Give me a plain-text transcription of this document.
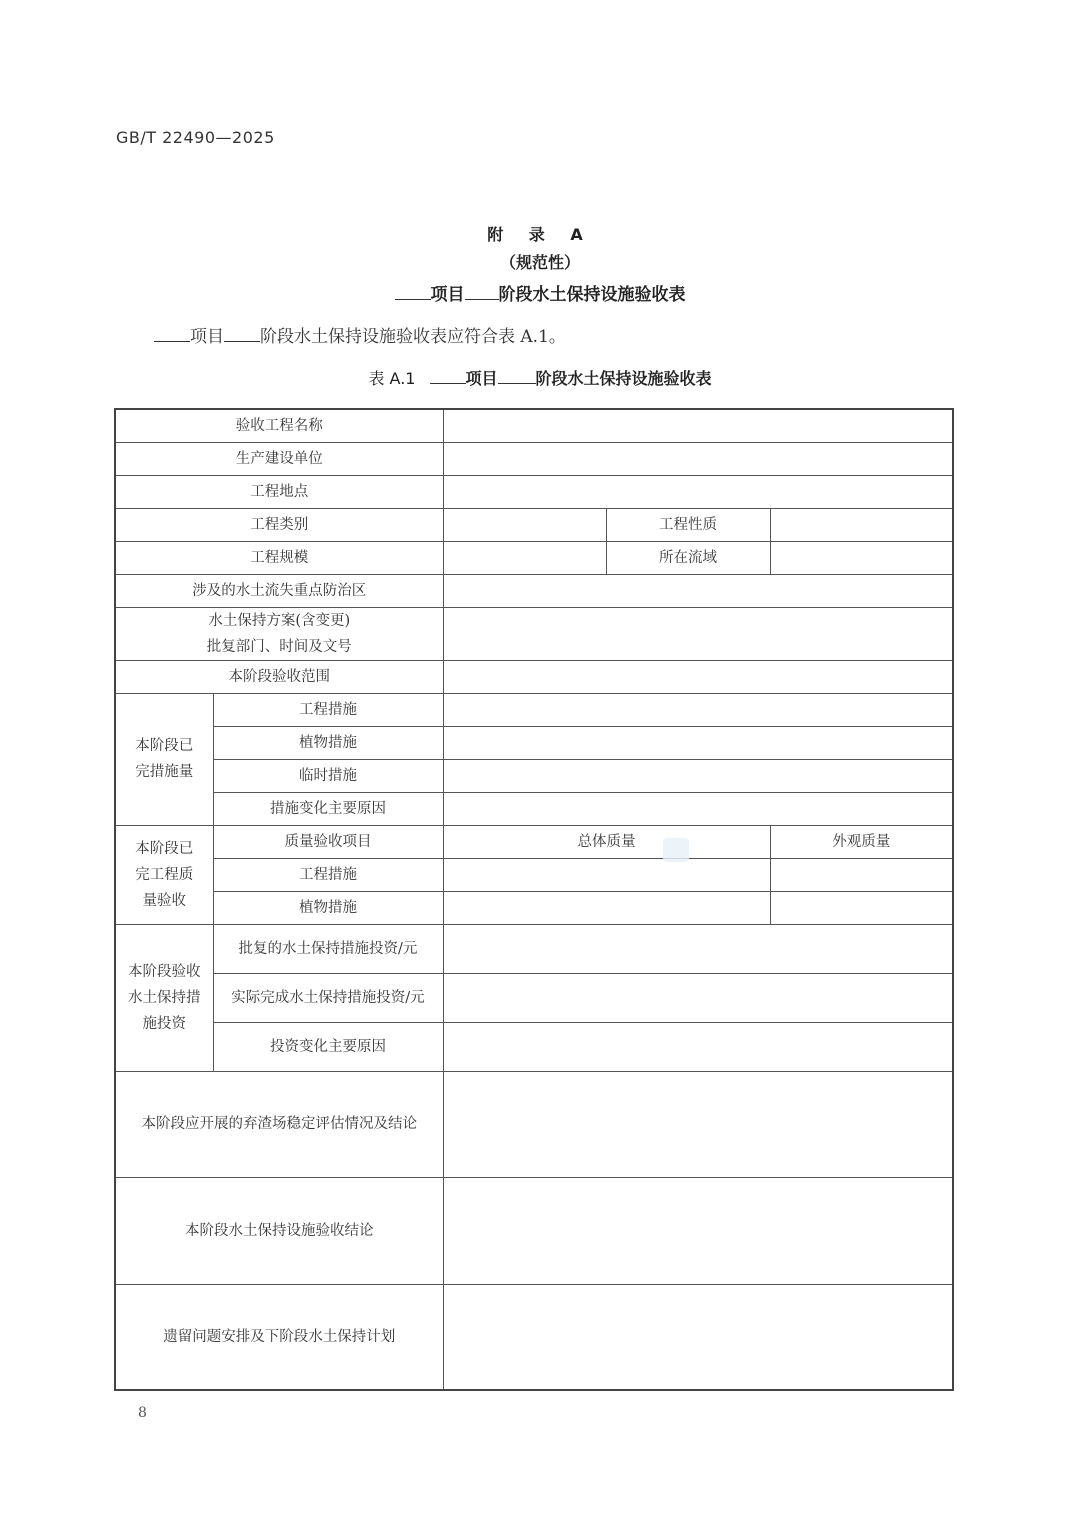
GB/T 22490—2025
附 录 A
（规范性）
项目 阶段水土保持设施验收表
项目 阶段水土保持设施验收表应符合表 A.1。
表 A.1	项目 阶段水土保持设施验收表
验收工程名称				
生产建设单位				
工程地点				
工程类别			工程性质	
工程规模			所在流域	
涉及的水土流失重点防治区				

水土保持方案(含变更)
批复部门、时间及文号				

本阶段验收范围				

本阶段已完措施量	工程措施			
	植物措施			
	临时措施			
	措施变化主要原因			

本阶段已完工程质量验收	质量验收项目	总体质量		外观质量
	工程措施			
	植物措施			

本阶段验收水土保持措施投资	批复的水土保持措施投资/元			
	实际完成水土保持措施投资/元			
	投资变化主要原因			
本阶段应开展的弃渣场稳定评估情况及结论				
本阶段水土保持设施验收结论				
遗留问题安排及下阶段水土保持计划				
8
